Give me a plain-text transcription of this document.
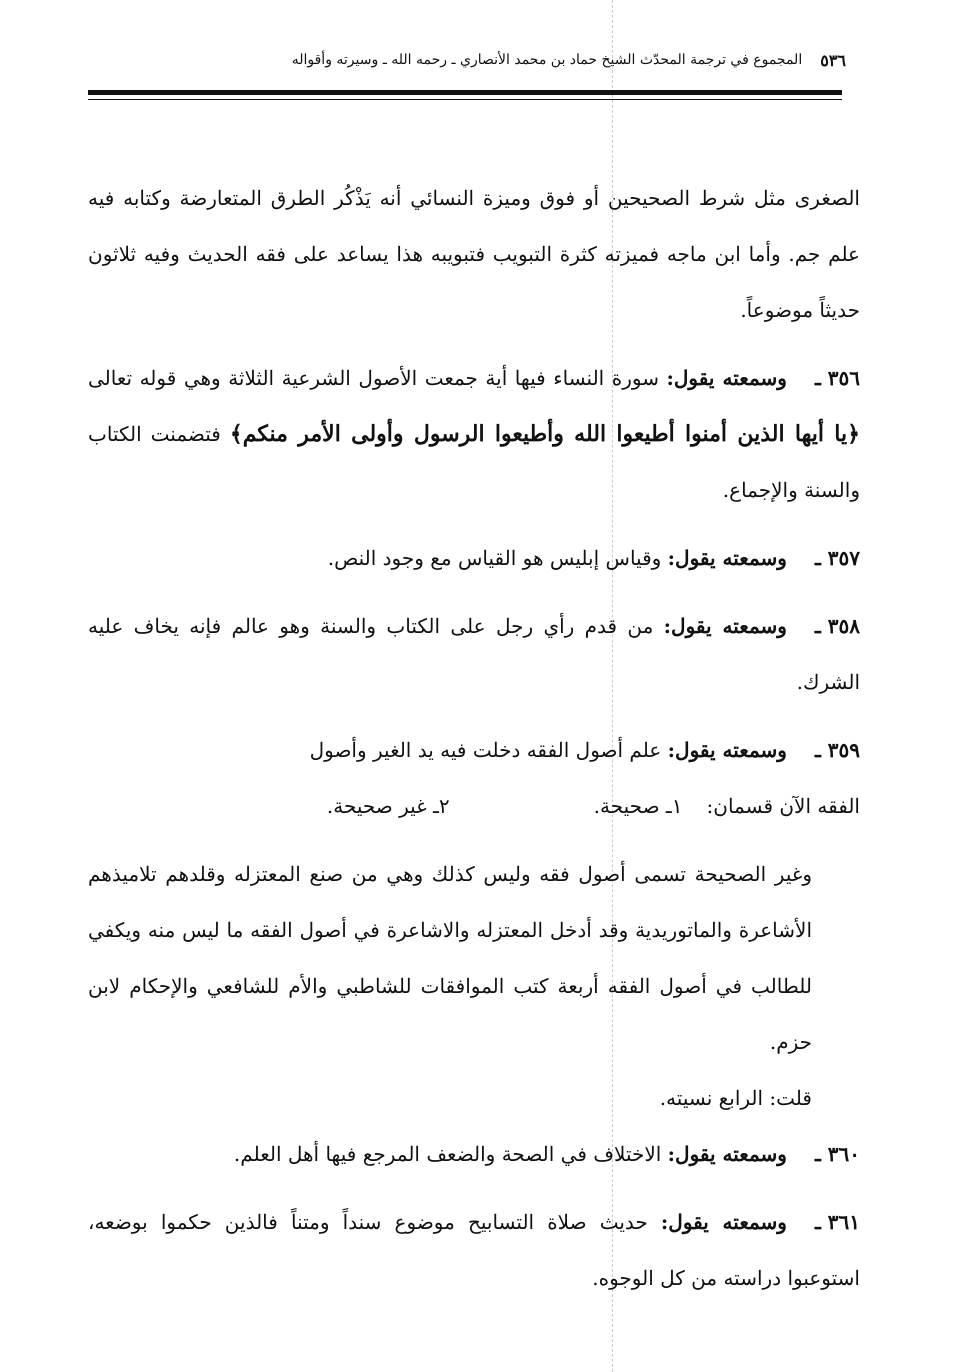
٥٣٦
المجموع في ترجمة المحدّث الشيخ حماد بن محمد الأنصاري ـ رحمه الله ـ وسيرته وأقواله

الصغرى مثل شرط الصحيحين أو فوق وميزة النسائي أنه يَذْكُر الطرق المتعارضة وكتابه فيه علم جم. وأما ابن ماجه فميزته كثرة التبويب فتبويبه هذا يساعد على فقه الحديث وفيه ثلاثون حديثاً موضوعاً.

٣٥٦ ـوسمعته يقول: سورة النساء فيها أية جمعت الأصول الشرعية الثلاثة وهي قوله تعالى ﴿يا أيها الذين أمنوا أطيعوا الله وأطيعوا الرسول وأولى الأمر منكم﴾ فتضمنت الكتاب والسنة والإجماع.

٣٥٧ ـوسمعته يقول: وقياس إبليس هو القياس مع وجود النص.

٣٥٨ ـوسمعته يقول: من قدم رأي رجل على الكتاب والسنة وهو عالم فإنه يخاف عليه الشرك.

٣٥٩ ـوسمعته يقول: علم أصول الفقه دخلت فيه يد الغير وأصول

الفقه الآن قسمان:
١ـ صحيحة.
٢ـ غير صحيحة.

وغير الصحيحة تسمى أصول فقه وليس كذلك وهي من صنع المعتزله وقلدهم تلاميذهم الأشاعرة والماتوريدية وقد أدخل المعتزله والاشاعرة في أصول الفقه ما ليس منه ويكفي للطالب في أصول الفقه أربعة كتب الموافقات للشاطبي والأم للشافعي والإحكام لابن حزم.

قلت: الرابع نسيته.

٣٦٠ ـوسمعته يقول: الاختلاف في الصحة والضعف المرجع فيها أهل العلم.

٣٦١ ـوسمعته يقول: حديث صلاة التسابيح موضوع سنداً ومتناً فالذين حكموا بوضعه، استوعبوا دراسته من كل الوجوه.
